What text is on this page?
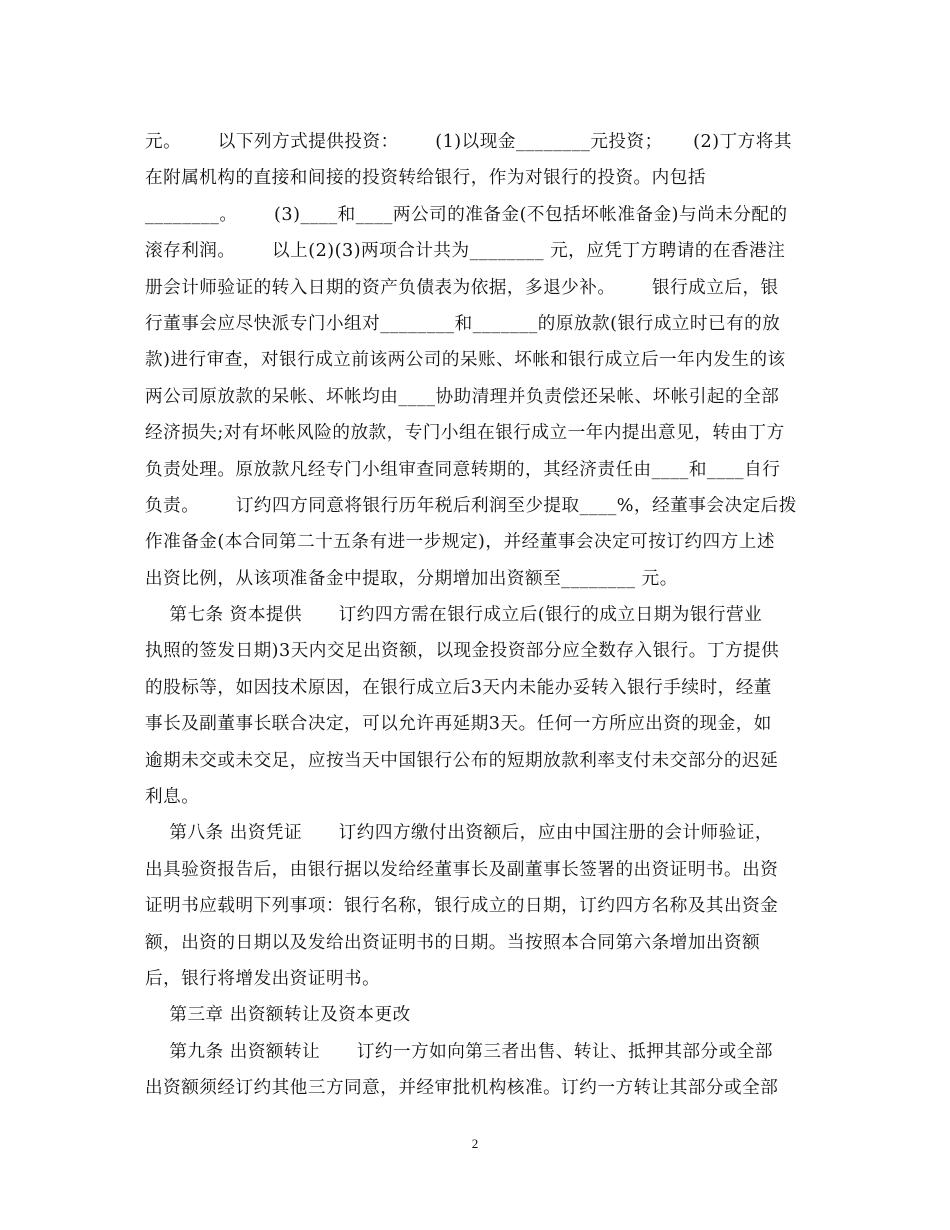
元。      以下列方式提供投资：      (1)以现金________元投资；     (2)丁方将其
在附属机构的直接和间接的投资转给银行，作为对银行的投资。内包括
________。      (3)____和____两公司的准备金(不包括坏帐准备金)与尚未分配的
滚存利润。      以上(2)(3)两项合计共为________ 元，应凭丁方聘请的在香港注
册会计师验证的转入日期的资产负债表为依据，多退少补。      银行成立后，银
行董事会应尽快派专门小组对________和_______的原放款(银行成立时已有的放
款)进行审查，对银行成立前该两公司的呆账、坏帐和银行成立后一年内发生的该
两公司原放款的呆帐、坏帐均由____协助清理并负责偿还呆帐、坏帐引起的全部
经济损失;对有坏帐风险的放款，专门小组在银行成立一年内提出意见，转由丁方
负责处理。原放款凡经专门小组审查同意转期的，其经济责任由____和____自行
负责。      订约四方同意将银行历年税后利润至少提取____%，经董事会决定后拨
作准备金(本合同第二十五条有进一步规定)，并经董事会决定可按订约四方上述
出资比例，从该项准备金中提取，分期增加出资额至________ 元。
第七条 资本提供      订约四方需在银行成立后(银行的成立日期为银行营业
执照的签发日期)3天内交足出资额，以现金投资部分应全数存入银行。丁方提供
的股标等，如因技术原因，在银行成立后3天内未能办妥转入银行手续时，经董
事长及副董事长联合决定，可以允许再延期3天。任何一方所应出资的现金，如
逾期未交或未交足，应按当天中国银行公布的短期放款利率支付未交部分的迟延
利息。
第八条 出资凭证      订约四方缴付出资额后，应由中国注册的会计师验证，
出具验资报告后，由银行据以发给经董事长及副董事长签署的出资证明书。出资
证明书应载明下列事项：银行名称，银行成立的日期，订约四方名称及其出资金
额，出资的日期以及发给出资证明书的日期。当按照本合同第六条增加出资额
后，银行将增发出资证明书。
第三章 出资额转让及资本更改
第九条 出资额转让      订约一方如向第三者出售、转让、抵押其部分或全部
出资额须经订约其他三方同意，并经审批机构核准。订约一方转让其部分或全部
2
